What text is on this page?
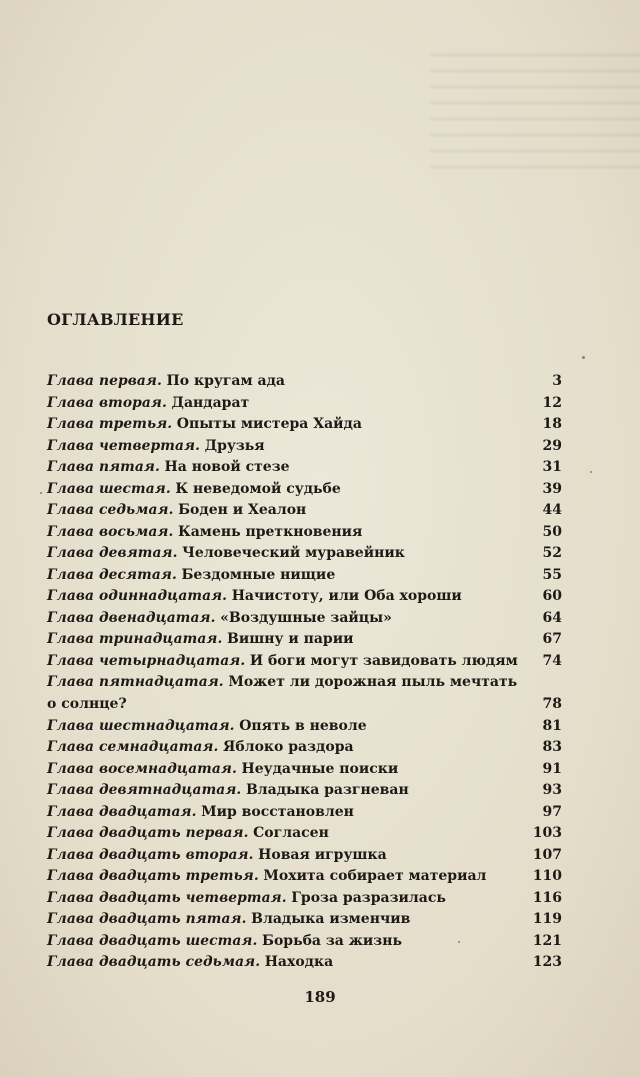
ОГЛАВЛЕНИЕ
Глава первая. По кругам ада	3
Глава вторая. Дандарат	12
Глава третья. Опыты мистера Хайда	18
Глава четвертая. Друзья	29
Глава пятая. На новой стезе	31
Глава шестая. К неведомой судьбе	39
Глава седьмая. Боден и Хеалон	44
Глава восьмая. Камень преткновения	50
Глава девятая. Человеческий муравейник	52
Глава десятая. Бездомные нищие	55
Глава одиннадцатая. Начистоту, или Оба хороши	60
Глава двенадцатая. «Воздушные зайцы»	64
Глава тринадцатая. Вишну и парии	67
Глава четырнадцатая. И боги могут завидовать людям 74
Глава пятнадцатая. Может ли дорожная пыль мечтать
о солнце?	78
Глава шестнадцатая. Опять в неволе	81
Глава семнадцатая. Яблоко раздора	83
Глава восемнадцатая. Неудачные поиски	91
Глава девятнадцатая. Владыка разгневан	93
Глава двадцатая. Мир восстановлен	97
Глава двадцать первая. Согласен	103
Глава двадцать вторая. Новая игрушка	107
Глава двадцать третья. Мохита собирает материал	110
Глава двадцать четвертая. Гроза разразилась	116
Глава двадцать пятая. Владыка изменчив	119
Глава двадцать шестая. Борьба за жизнь	121
Глава двадцать седьмая. Находка	123
189
